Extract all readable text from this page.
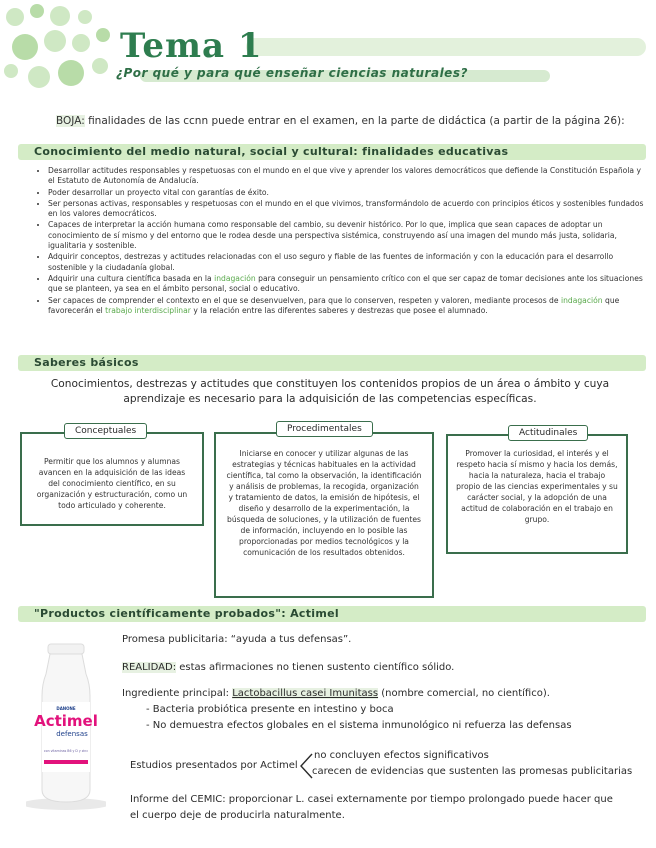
Tema 1
¿Por qué y para qué enseñar ciencias naturales?
BOJA: finalidades de las ccnn puede entrar en el examen, en la parte de didáctica (a partir de la página 26):
Conocimiento del medio natural, social y cultural: finalidades educativas
• Desarrollar actitudes responsables y respetuosas con el mundo en el que vive y aprender los valores democráticos que defiende la Constitución Española y el Estatuto de Autonomía de Andalucía.
• Poder desarrollar un proyecto vital con garantías de éxito.
• Ser personas activas, responsables y respetuosas con el mundo en el que vivimos, transformándolo de acuerdo con principios éticos y sostenibles fundados en los valores democráticos.
• Capaces de interpretar la acción humana como responsable del cambio, su devenir histórico. Por lo que, implica que sean capaces de adoptar un conocimiento de sí mismo y del entorno que le rodea desde una perspectiva sistémica, construyendo así una imagen del mundo más justa, solidaria, igualitaria y sostenible.
• Adquirir conceptos, destrezas y actitudes relacionadas con el uso seguro y fiable de las fuentes de información y con la educación para el desarrollo sostenible y la ciudadanía global.
• Adquirir una cultura científica basada en la indagación para conseguir un pensamiento crítico con el que ser capaz de tomar decisiones ante los situaciones que se planteen, ya sea en el ámbito personal, social o educativo.
• Ser capaces de comprender el contexto en el que se desenvuelven, para que lo conserven, respeten y valoren, mediante procesos de indagación que favorecerán el trabajo interdisciplinar y la relación entre las diferentes saberes y destrezas que posee el alumnado.
Saberes básicos
Conocimientos, destrezas y actitudes que constituyen los contenidos propios de un área o ámbito y cuya aprendizaje es necesario para la adquisición de las competencias específicas.
Permitir que los alumnos y alumnas avancen en la adquisición de las ideas del conocimiento científico, en su organización y estructuración, como un todo articulado y coherente.
Conceptuales
Iniciarse en conocer y utilizar algunas de las estrategias y técnicas habituales en la actividad científica, tal como la observación, la identificación y análisis de problemas, la recogida, organización y tratamiento de datos, la emisión de hipótesis, el diseño y desarrollo de la experimentación, la búsqueda de soluciones, y la utilización de fuentes de información, incluyendo en lo posible las proporcionadas por medios tecnológicos y la comunicación de los resultados obtenidos.
Procedimentales
Promover la curiosidad, el interés y el respeto hacia sí mismo y hacia los demás, hacia la naturaleza, hacia el trabajo propio de las ciencias experimentales y su carácter social, y la adopción de una actitud de colaboración en el trabajo en grupo.
Actitudinales
"Productos científicamente probados": Actimel
DANONE
Actimel
defensas
con vitaminas B6 y D y zinc
Promesa publicitaria: “ayuda a tus defensas”.
REALIDAD: estas afirmaciones no tienen sustento científico sólido.
Ingrediente principal: Lactobacillus casei Imunitass (nombre comercial, no científico).
- Bacteria probiótica presente en intestino y boca
- No demuestra efectos globales en el sistema inmunológico ni refuerza las defensas
Estudios presentados por Actimel
no concluyen efectos significativos
carecen de evidencias que sustenten las promesas publicitarias
Informe del CEMIC: proporcionar L. casei externamente por tiempo prolongado puede hacer que
el cuerpo deje de producirla naturalmente.
